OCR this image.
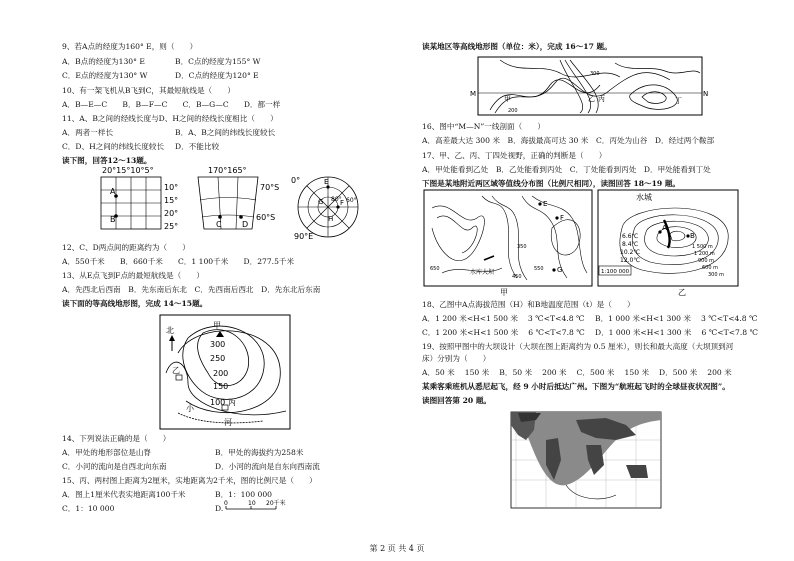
9、若A点的经度为160° E，则（　　）
A．B点的经度为130° E	B．C点的经度为155° W
C．E点的经度为130° W	D．C点的经度为120° E
10、有一架飞机从B飞到C，其最短航线是（　　）
A．B—E—C　　B．B—F—C　　C．B—G—C　　D．都一样
11、A、B之间的经线长度与D、H之间的经线长度相比（　　）
A．两者一样长	B．A、B之间的纬线长度较长
C．D、H之间的纬线长度较长 D．不能比较
读下图，回答12～13题。
20°15°10°5°
A
B
10°
15°
20°
25°
170°165°
C	D
70°S
60°S
0°	E
F
G
H
80° 60°
90°E
12、C、D两点间的距离约为（　　）
A．550千米　　B．660千米　　C．1 100千米　　D．277.5千米
13、从E点飞到F点的最短航线是（　　）
A．先西北后西南　B．先东南后东北　C．先西南后西北　D．先东北后东南
读下面的等高线地形图，完成 14～15题。
北
甲
300
250
200
150
乙
100 丙
小
河
14、下列说法正确的是（　　）
A．甲处的地形部位是山脊	B．甲处的海拔约为258米
C．小河的流向是自西北向东南	D．小河的流向是自东向西南流
15、丙、两村图上距离为2厘米，实地距离为2千米，图的比例尺是（　　）
A．图上1厘米代表实地距离100千米	B．1：100 000
C．1：10 000	D.
0	10 20千米
读某地区等高线地形图（单位：米），完成 16～17 题。
M	N
甲	乙 丙	丁
200
300
16、图中“M—N”一线剖面（　　）
A．高差最大达 300 米　B．海拔最高可达 30 米　C．丙处为山谷　D．经过两个鞍部
17、甲、乙、丙、丁四处视野，正确的判断是（　　）
A．甲处能看到乙处　B．乙处能看到丙处　C．丁处能看到丙处　D．甲处能看到丁处
下图是某地附近两区域等值线分布图（比例尺相同），读图回答 18～19 题。
水库大坝
E
F
G
350
450
650	550
甲
水城
A
B
6.6℃
8.4℃
10.2℃
12.0℃
1 500 m
1 200 m
900 m
600 m
300 m
1:100 000
乙
18、乙图中A点海拔范围（H）和B地温度范围（t）是（　　）
A．1 200 米<H<1 500 米　 3 ℃<T<4.8 ℃ B．1 000 米<H<1 300 米　 3 ℃<T<4.8 ℃
C．1 200 米<H<1 500 米　 6 ℃<T<7.8 ℃ D．1 000 米<H<1 300 米　 6 ℃<T<7.8 ℃
19、按照甲图中的大坝设计（大坝在图上距离约为 0.5 厘米），则长和最大高度（大坝顶到河
床）分别为（　　）
A．50 米　 150 米　 B．50 米　 200 米　 C．500 米　 150 米　 D．500 米　 200 米
某乘客乘班机从悉尼起飞，经 9 小时后抵达广州。下图为“航班起飞时的全球昼夜状况图”。
读图回答第 20 题。
第 2 页 共 4 页
